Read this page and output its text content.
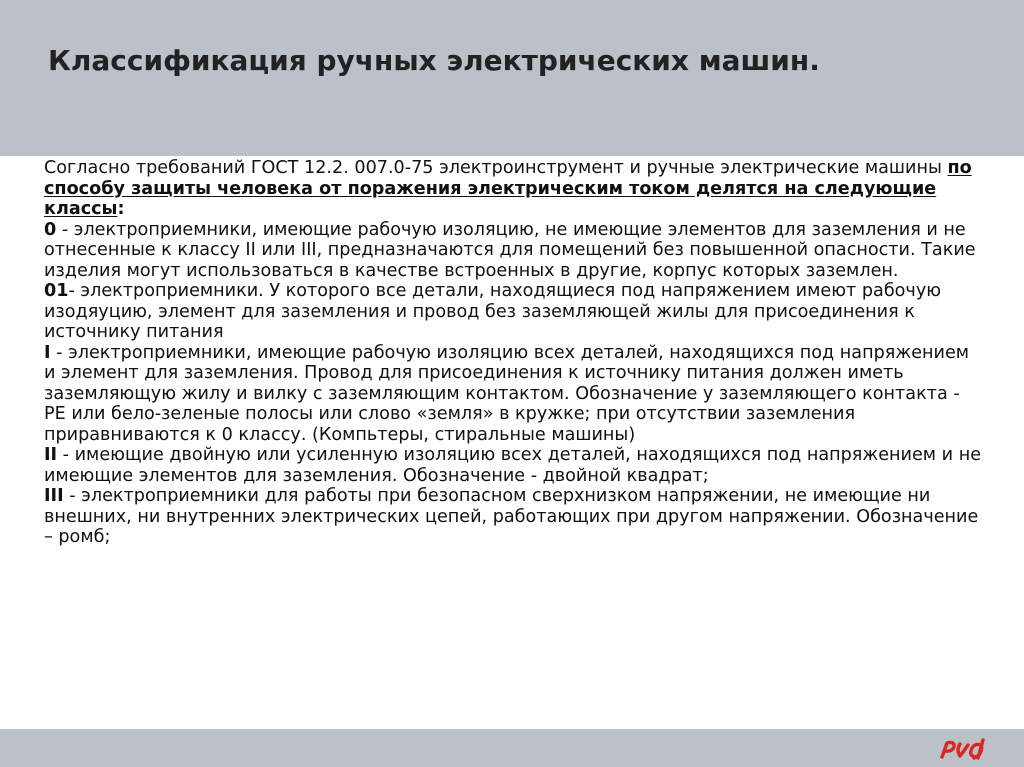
Классификация ручных электрических машин.

Согласно требований ГОСТ 12.2. 007.0-75 электроинструмент и ручные электрические машины по способу защиты человека от поражения электрическим током делятся на следующие классы:

0 - электроприемники, имеющие рабочую изоляцию, не имеющие элементов для заземления и не отнесенные к классу II или III, предназначаются для помещений без повышенной опасности. Такие изделия могут использоваться в качестве встроенных в другие, корпус которых заземлен.

01- электроприемники. У которого все детали, находящиеся под напряжением имеют рабочую изодяуцию, элемент для заземления и провод без заземляющей жилы для присоединения к источнику питания

I - электроприемники, имеющие рабочую изоляцию всех деталей, находящихся под напряжением и элемент для заземления. Провод для присоединения к источнику питания должен иметь заземляющую жилу и вилку с заземляющим контактом. Обозначение у заземляющего контакта - PE или бело-зеленые полосы или слово «земля» в кружке; при отсутствии заземления приравниваются к 0 классу. (Компьтеры, стиральные машины)

II - имеющие двойную или усиленную изоляцию всех деталей, находящихся под напряжением и не имеющие элементов для заземления. Обозначение - двойной квадрат;

III - электроприемники для работы при безопасном сверхнизком напряжении, не имеющие ни внешних, ни внутренних электрических цепей, работающих при другом напряжении. Обозначение – ромб;
